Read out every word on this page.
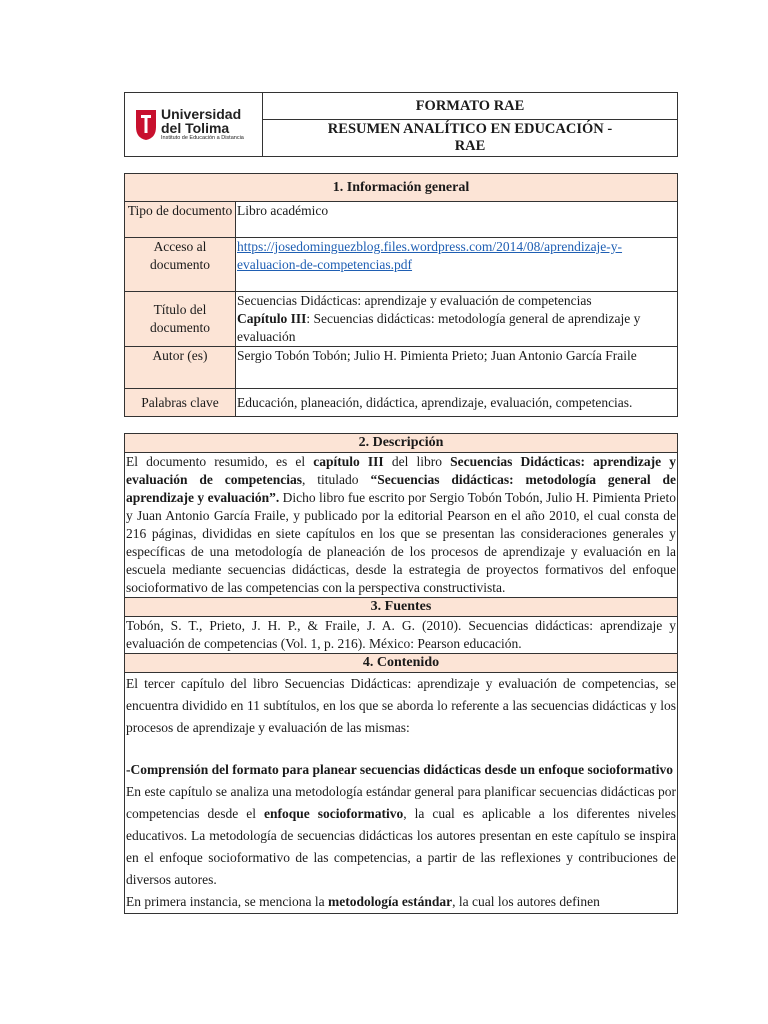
Universidad
del Tolima
Instituto de Educación a Distancia
	FORMATO RAE
RESUMEN ANALÍTICO EN EDUCACIÓN -
RAE
1. Información general	
Tipo de documento	Libro académico
Acceso al documento	https://josedominguezblog.files.wordpress.com/2014/08/aprendizaje-y-evaluacion-de-competencias.pdf
Título del documento	Secuencias Didácticas: aprendizaje y evaluación de competencias
Capítulo III: Secuencias didácticas: metodología general de aprendizaje y evaluación
Autor (es)	Sergio Tobón Tobón; Julio H. Pimienta Prieto; Juan Antonio García Fraile
Palabras clave	Educación, planeación, didáctica, aprendizaje, evaluación, competencias.
2. Descripción
El documento resumido, es el capítulo III del libro Secuencias Didácticas: aprendizaje y evaluación de competencias, titulado “Secuencias didácticas: metodología general de aprendizaje y evaluación”. Dicho libro fue escrito por Sergio Tobón Tobón, Julio H. Pimienta Prieto y Juan Antonio García Fraile, y publicado por la editorial Pearson en el año 2010, el cual consta de 216 páginas, divididas en siete capítulos en los que se presentan las consideraciones generales y específicas de una metodología de planeación de los procesos de aprendizaje y evaluación en la escuela mediante secuencias didácticas, desde la estrategia de proyectos formativos del enfoque socioformativo de las competencias con la perspectiva constructivista.
3. Fuentes
Tobón, S. T., Prieto, J. H. P., & Fraile, J. A. G. (2010). Secuencias didácticas: aprendizaje y evaluación de competencias (Vol. 1, p. 216). México: Pearson educación.
4. Contenido

El tercer capítulo del libro Secuencias Didácticas: aprendizaje y evaluación de competencias, se encuentra dividido en 11 subtítulos, en los que se aborda lo referente a las secuencias didácticas y los procesos de aprendizaje y evaluación de las mismas:
-Comprensión del formato para planear secuencias didácticas desde un enfoque socioformativo
En este capítulo se analiza una metodología estándar general para planificar secuencias didácticas por competencias desde el enfoque socioformativo, la cual es aplicable a los diferentes niveles educativos. La metodología de secuencias didácticas los autores presentan en este capítulo se inspira en el enfoque socioformativo de las competencias, a partir de las reflexiones y contribuciones de diversos autores.
En primera instancia, se menciona la metodología estándar, la cual los autores definen
